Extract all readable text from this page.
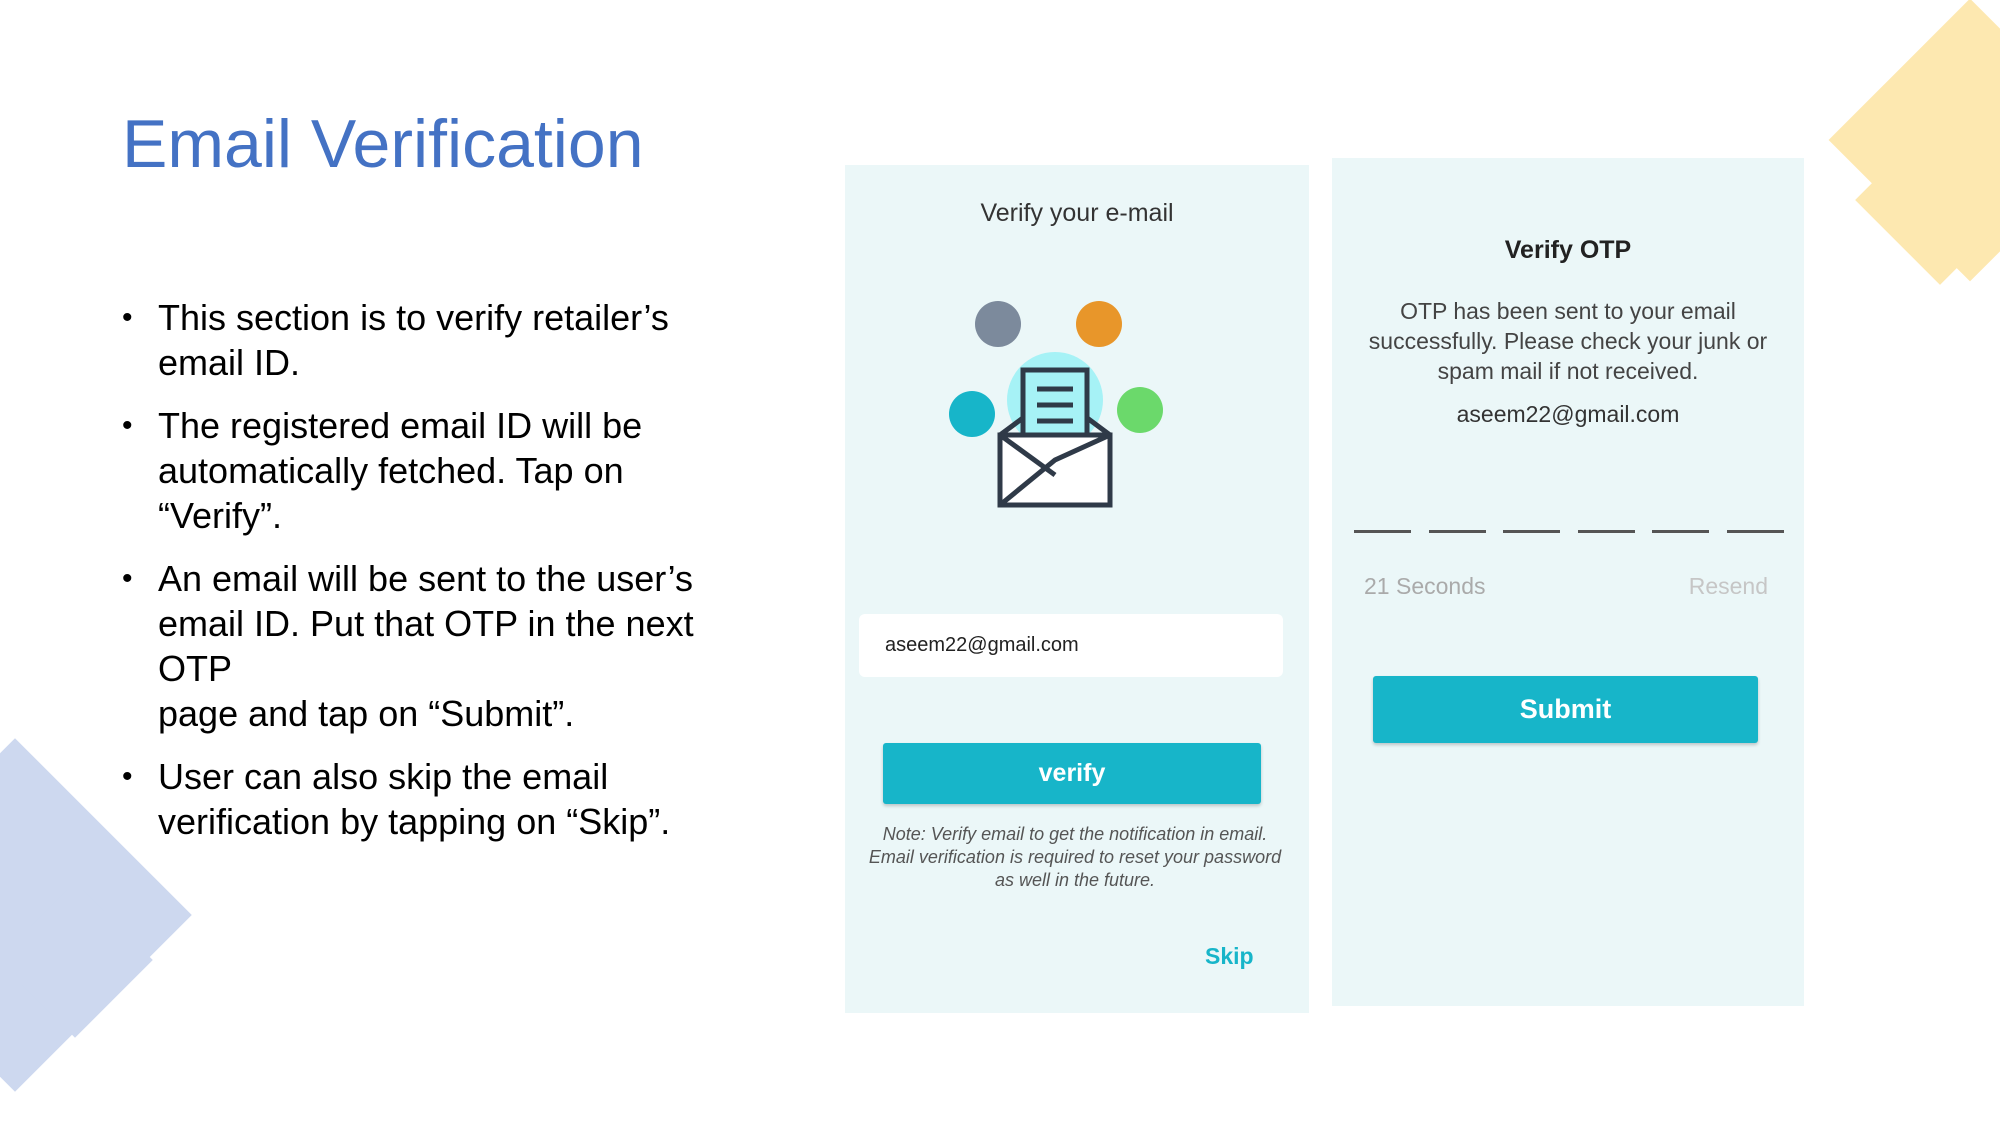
Email Verification
• This section is to verify retailer’s
email ID.
• The registered email ID will be
automatically fetched. Tap on
“Verify”.
• An email will be sent to the user’s
email ID. Put that OTP in the next
OTP
page and tap on “Submit”.
• User can also skip the email
verification by tapping on “Skip”.
Verify your e-mail
aseem22@gmail.com
verify
Note: Verify email to get the notification in email.
Email verification is required to reset your password
as well in the future.
Skip
Verify OTP
OTP has been sent to your email
successfully. Please check your junk or
spam mail if not received.
aseem22@gmail.com
21 Seconds	Resend
Submit
